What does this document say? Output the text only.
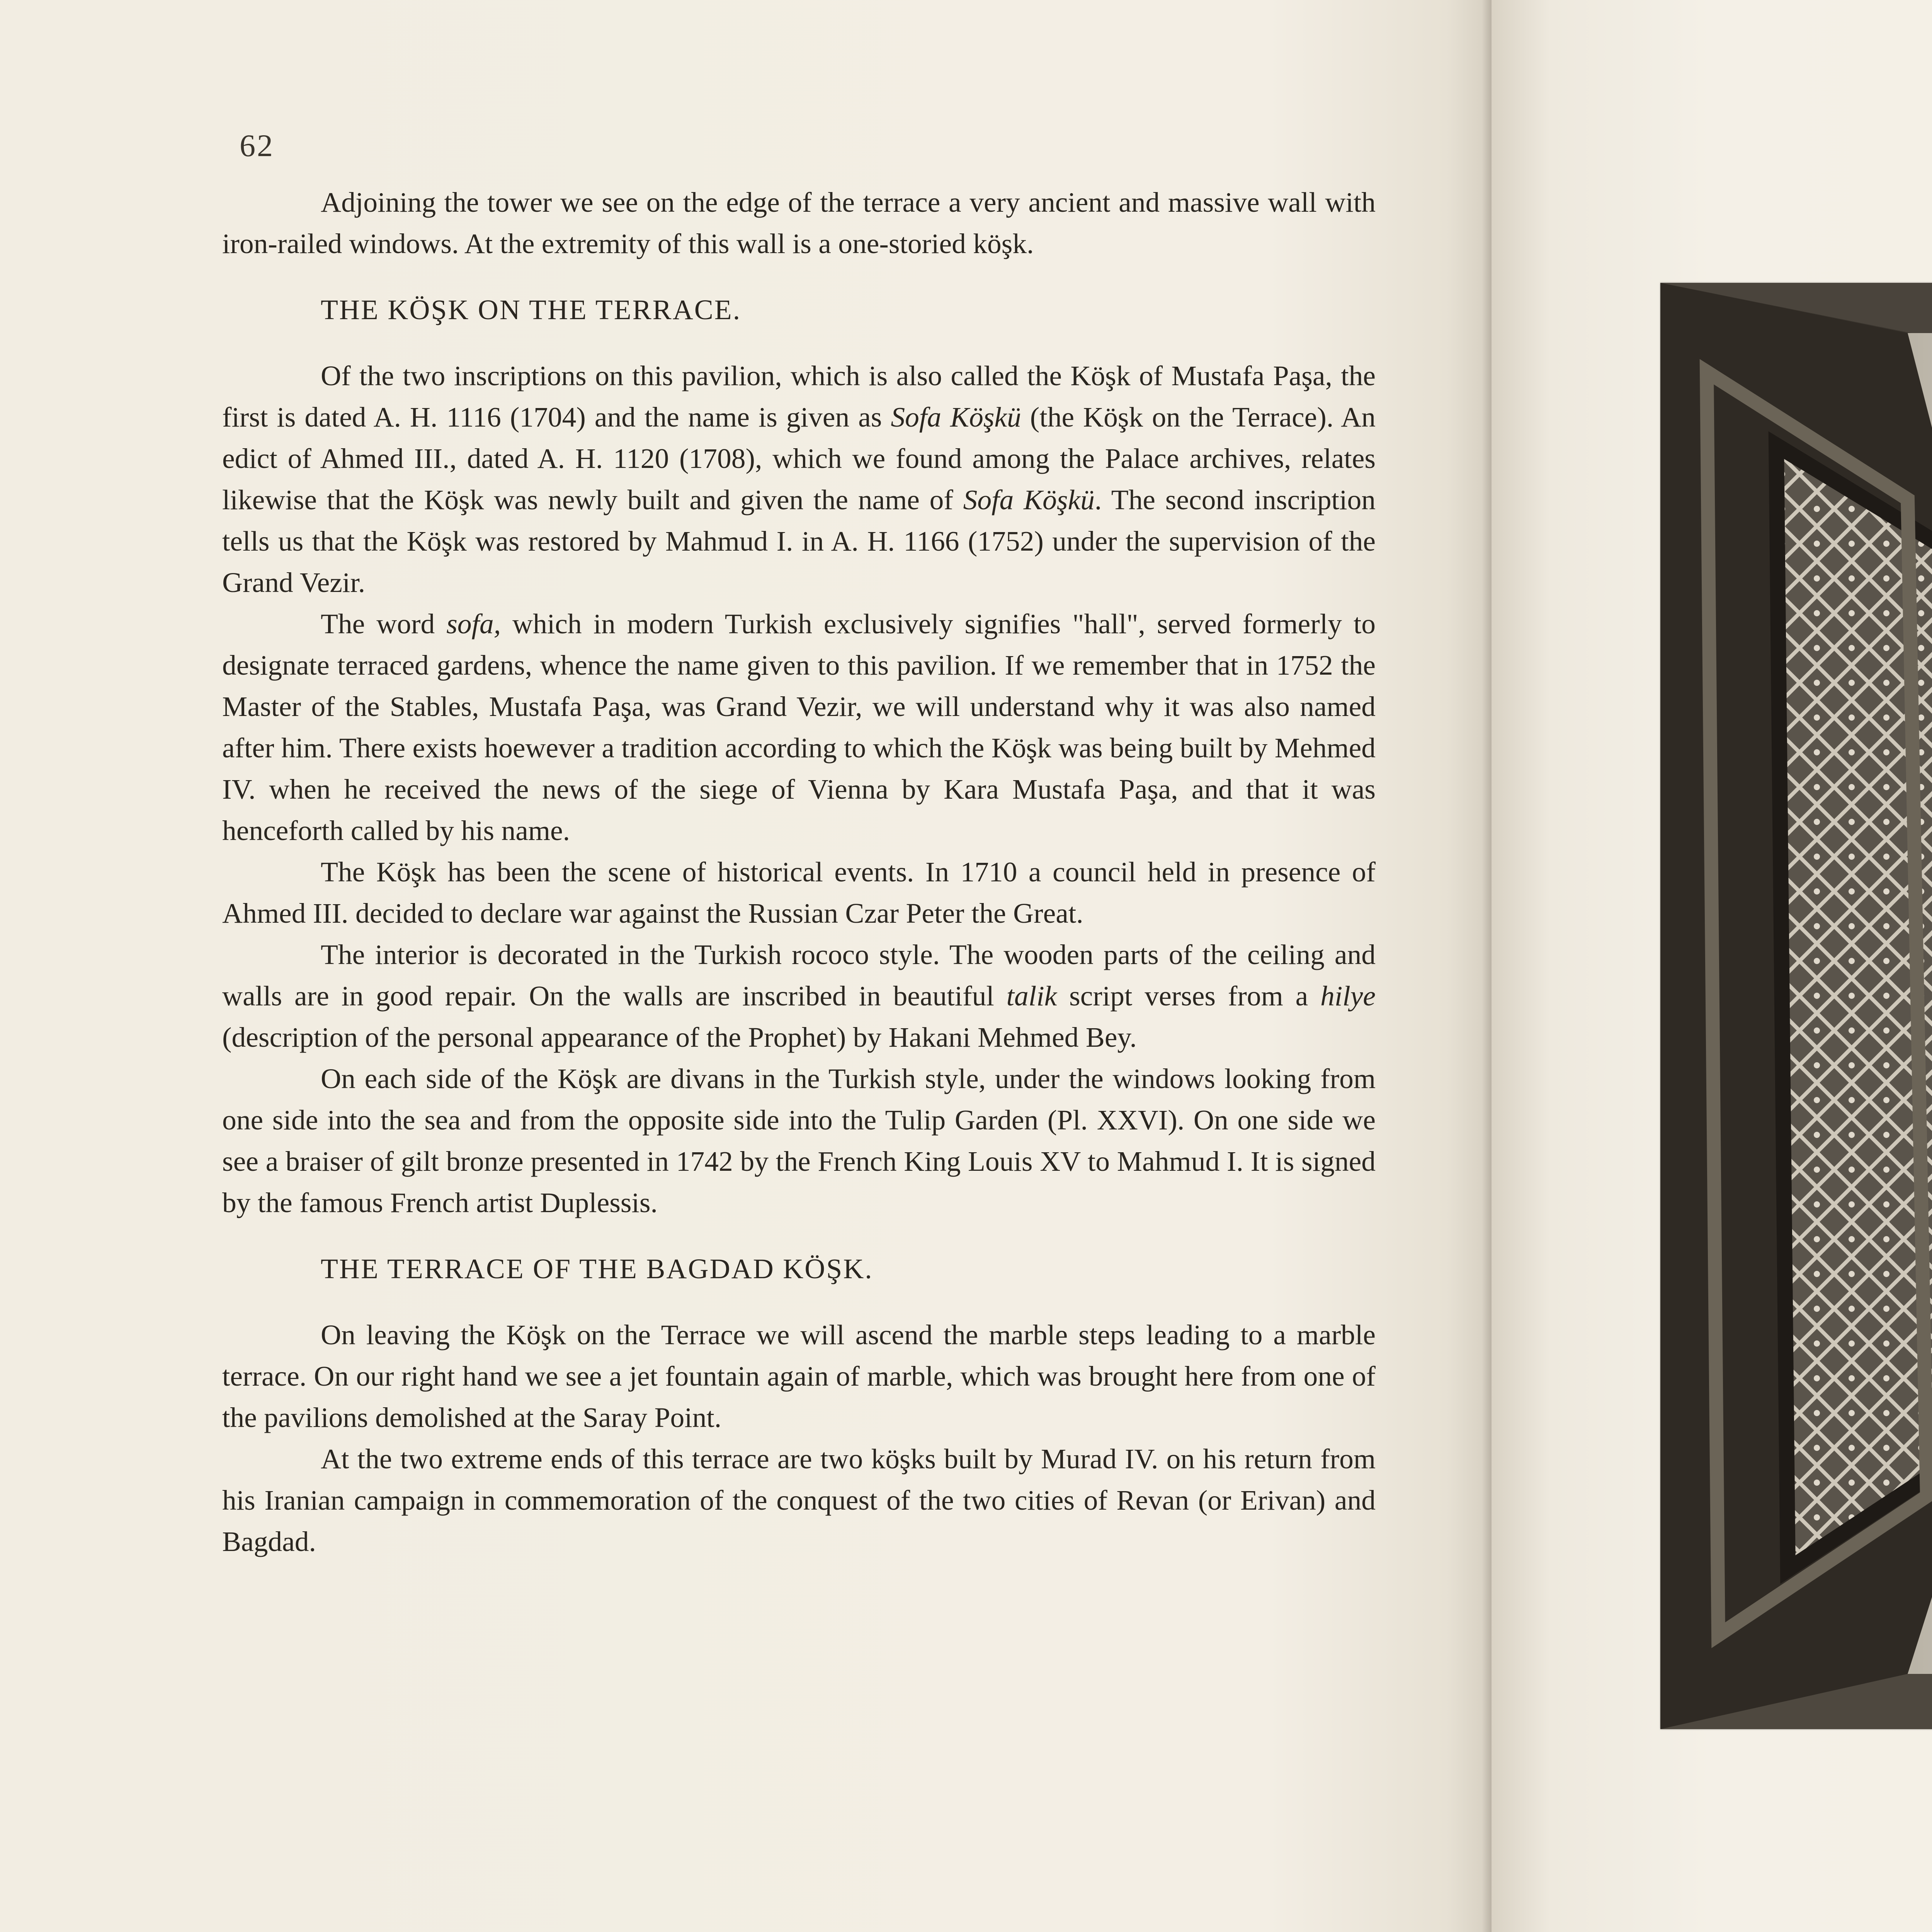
62

Adjoining the tower we see on the edge of the terrace a very ancient and massive wall with iron-railed windows. At the extremity of this wall is a one-storied köşk.

THE KÖŞK ON THE TERRACE.

Of the two inscriptions on this pavilion, which is also called the Köşk of Mustafa Paşa, the first is dated A. H. 1116 (1704) and the name is given as Sofa Köşkü (the Köşk on the Terrace). An edict of Ahmed III., dated A. H. 1120 (1708), which we found among the Palace archives, relates likewise that the Köşk was newly built and given the name of Sofa Köşkü. The second inscription tells us that the Köşk was restored by Mahmud I. in A. H. 1166 (1752) under the supervision of the Grand Vezir.

The word sofa, which in modern Turkish exclusively signifies "hall", served formerly to designate terraced gardens, whence the name given to this pavilion. If we remember that in 1752 the Master of the Stables, Mustafa Paşa, was Grand Vezir, we will understand why it was also named after him. There exists hoewever a tradition according to which the Köşk was being built by Mehmed IV. when he received the news of the siege of Vienna by Kara Mustafa Paşa, and that it was henceforth called by his name.

The Köşk has been the scene of historical events. In 1710 a council held in presence of Ahmed III. decided to declare war against the Russian Czar Peter the Great.

The interior is decorated in the Turkish rococo style. The wooden parts of the ceiling and walls are in good repair. On the walls are inscribed in beautiful talik script verses from a hilye (description of the personal appearance of the Prophet) by Hakani Mehmed Bey.

On each side of the Köşk are divans in the Turkish style, under the windows looking from one side into the sea and from the opposite side into the Tulip Garden (Pl. XXVI). On one side we see a braiser of gilt bronze presented in 1742 by the French King Louis XV to Mahmud I. It is signed by the famous French artist Duplessis.

THE TERRACE OF THE BAGDAD KÖŞK.

On leaving the Köşk on the Terrace we will ascend the marble steps leading to a marble terrace. On our right hand we see a jet fountain again of marble, which was brought here from one of the pavilions demolished at the Saray Point.

At the two extreme ends of this terrace are two köşks built by Murad IV. on his return from his Iranian campaign in commemoration of the conquest of the two cities of Revan (or Erivan) and Bagdad.
